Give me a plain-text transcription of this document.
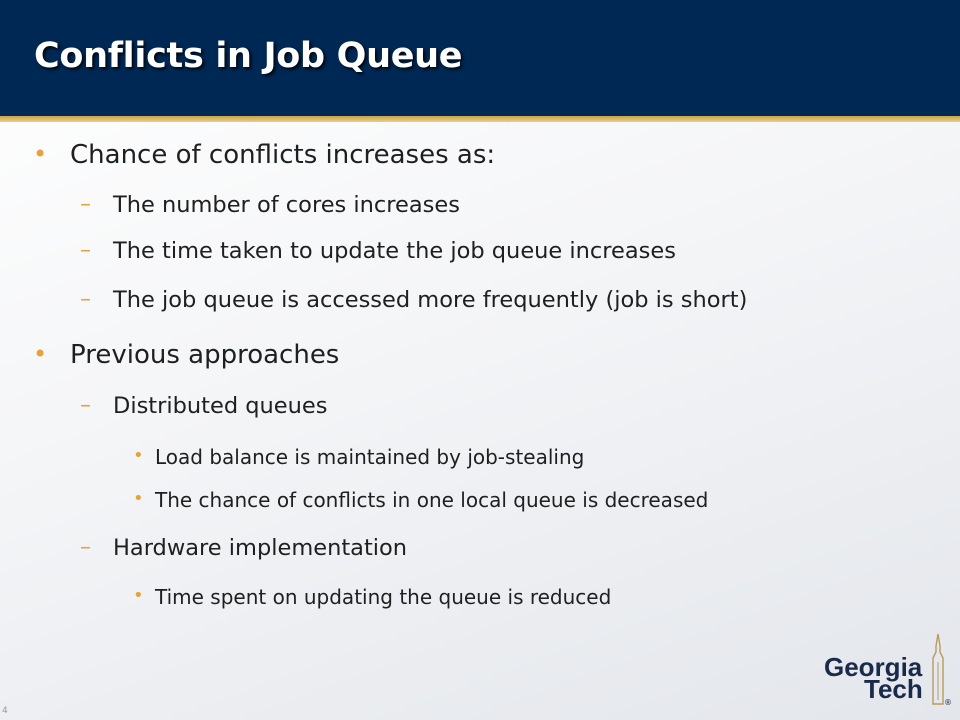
Conflicts in Job Queue
• Chance of conflicts increases as:
– The number of cores increases
– The time taken to update the job queue increases
– The job queue is accessed more frequently (job is short)
• Previous approaches
– Distributed queues
• Load balance is maintained by job-stealing
• The chance of conflicts in one local queue is decreased
– Hardware implementation
• Time spent on updating the queue is reduced
Georgia
Tech	®
4
